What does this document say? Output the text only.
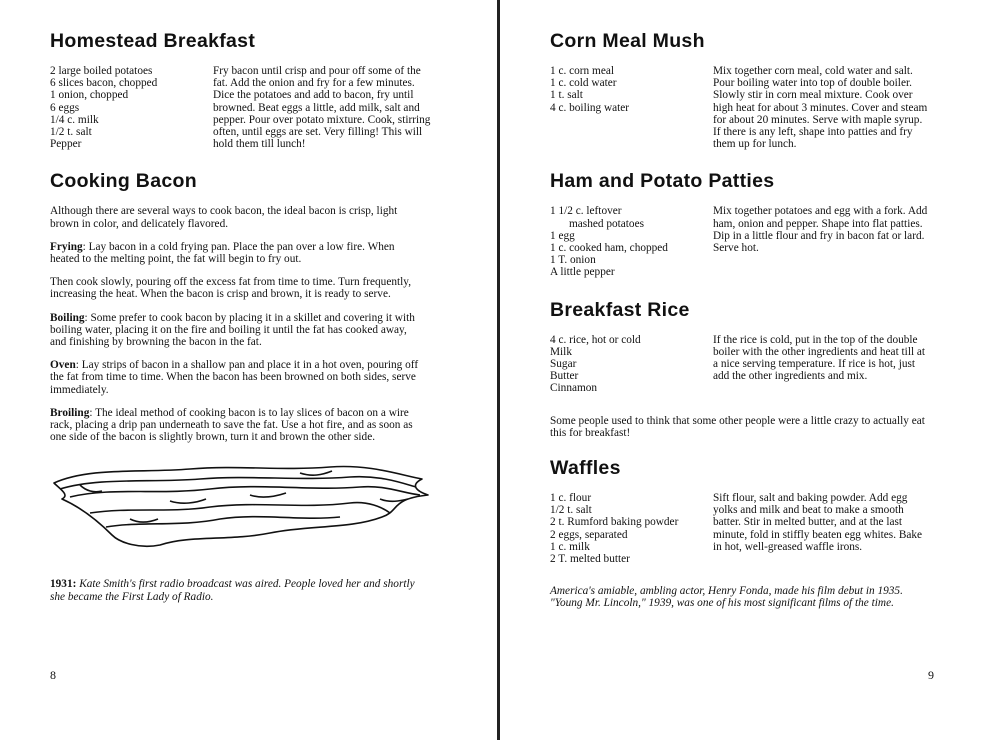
Homestead Breakfast
2 large boiled potatoes
6 slices bacon, chopped
1 onion, chopped
6 eggs
1/4 c. milk
1/2 t. salt
Pepper
Fry bacon until crisp and pour off some of the fat. Add the onion and fry for a few minutes. Dice the potatoes and add to bacon, fry until browned. Beat eggs a little, add milk, salt and pepper. Pour over potato mixture. Cook, stirring often, until eggs are set. Very filling! This will hold them till lunch!
Cooking Bacon

Although there are several ways to cook bacon, the ideal bacon is crisp, light brown in color, and delicately flavored.

Frying: Lay bacon in a cold frying pan. Place the pan over a low fire. When heated to the melting point, the fat will begin to fry out.

Then cook slowly, pouring off the excess fat from time to time. Turn frequently, increasing the heat. When the bacon is crisp and brown, it is ready to serve.

Boiling: Some prefer to cook bacon by placing it in a skillet and covering it with boiling water, placing it on the fire and boiling it until the fat has cooked away, and finishing by browning the bacon in the fat.

Oven: Lay strips of bacon in a shallow pan and place it in a hot oven, pouring off the fat from time to time. When the bacon has been browned on both sides, serve immediately.

Broiling: The ideal method of cooking bacon is to lay slices of bacon on a wire rack, placing a drip pan underneath to save the fat. Use a hot fire, and as soon as one side of the bacon is slightly brown, turn it and brown the other side.

1931: Kate Smith's first radio broadcast was aired. People loved her and shortly she became the First Lady of Radio.

8
Corn Meal Mush
1 c. corn meal
1 c. cold water
1 t. salt
4 c. boiling water
Mix together corn meal, cold water and salt. Pour boiling water into top of double boiler. Slowly stir in corn meal mixture. Cook over high heat for about 3 minutes. Cover and steam for about 20 minutes. Serve with maple syrup. If there is any left, shape into patties and fry them up for lunch.
Ham and Potato Patties
1 1/2 c. leftover
mashed potatoes
1 egg
1 c. cooked ham, chopped
1 T. onion
A little pepper
Mix together potatoes and egg with a fork. Add ham, onion and pepper. Shape into flat patties. Dip in a little flour and fry in bacon fat or lard. Serve hot.
Breakfast Rice
4 c. rice, hot or cold
Milk
Sugar
Butter
Cinnamon
If the rice is cold, put in the top of the double boiler with the other ingredients and heat till at a nice serving temperature. If rice is hot, just add the other ingredients and mix.

Some people used to think that some other people were a little crazy to actually eat this for breakfast!

Waffles
1 c. flour
1/2 t. salt
2 t. Rumford baking powder
2 eggs, separated
1 c. milk
2 T. melted butter
Sift flour, salt and baking powder. Add egg yolks and milk and beat to make a smooth batter. Stir in melted butter, and at the last minute, fold in stiffly beaten egg whites. Bake in hot, well-greased waffle irons.

America's amiable, ambling actor, Henry Fonda, made his film debut in 1935. "Young Mr. Lincoln," 1939, was one of his most significant films of the time.

9
